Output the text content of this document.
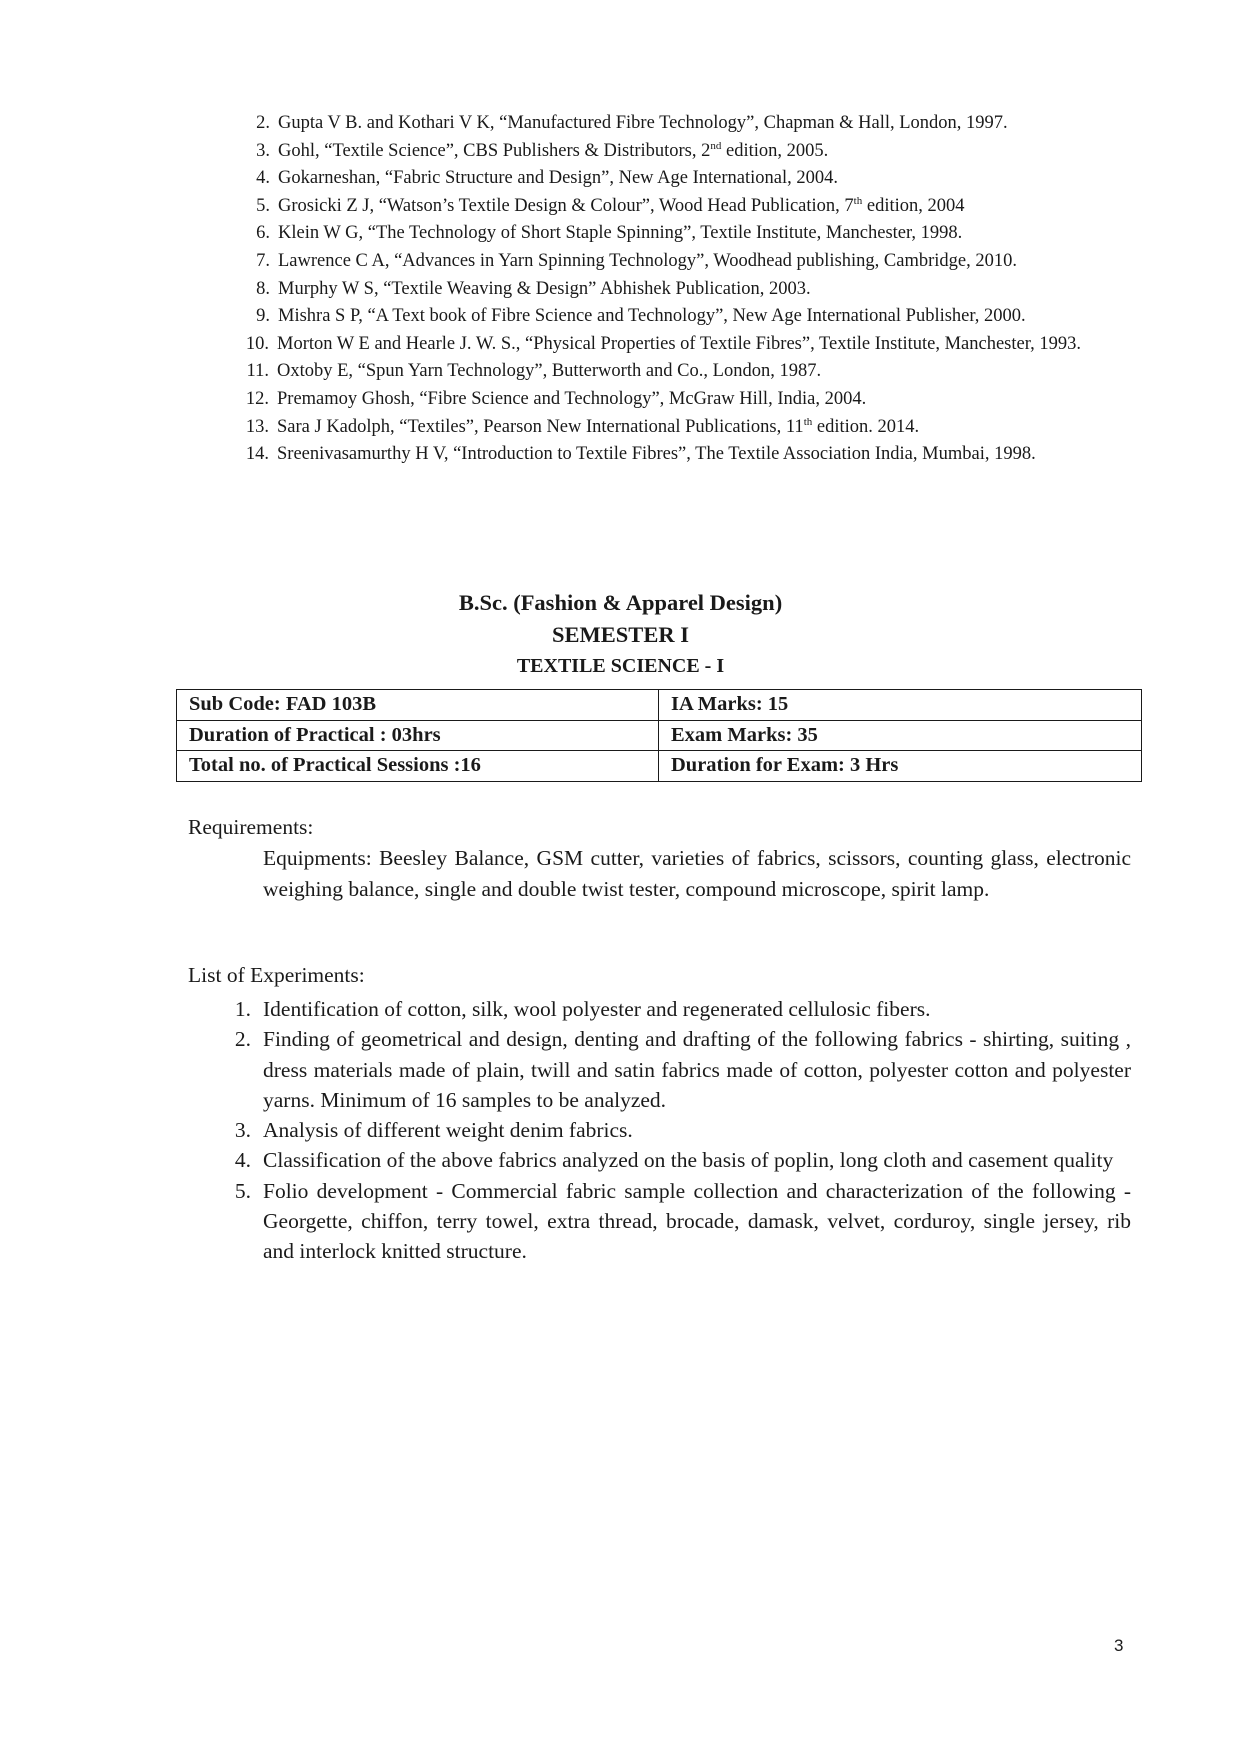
2. Gupta V B. and Kothari V K, “Manufactured Fibre Technology”, Chapman & Hall, London, 1997.
3. Gohl, “Textile Science”, CBS Publishers & Distributors, 2nd edition, 2005.
4. Gokarneshan, “Fabric Structure and Design”, New Age International, 2004.
5. Grosicki Z J, “Watson’s Textile Design & Colour”, Wood Head Publication, 7th edition, 2004
6. Klein W G, “The Technology of Short Staple Spinning”, Textile Institute, Manchester, 1998.
7. Lawrence C A, “Advances in Yarn Spinning Technology”, Woodhead publishing, Cambridge, 2010.
8. Murphy W S, “Textile Weaving & Design” Abhishek Publication, 2003.
9. Mishra S P, “A Text book of Fibre Science and Technology”, New Age International Publisher, 2000.
10. Morton W E and Hearle J. W. S., “Physical Properties of Textile Fibres”, Textile Institute, Manchester, 1993.
11. Oxtoby E, “Spun Yarn Technology”, Butterworth and Co., London, 1987.
12. Premamoy Ghosh, “Fibre Science and Technology”, McGraw Hill, India, 2004.
13. Sara J Kadolph, “Textiles”, Pearson New International Publications, 11th edition. 2014.
14. Sreenivasamurthy H V, “Introduction to Textile Fibres”, The Textile Association India, Mumbai, 1998.
B.Sc. (Fashion & Apparel Design)
SEMESTER I
TEXTILE SCIENCE - I
Sub Code: FAD 103B	IA Marks: 15
Duration of Practical : 03hrs	Exam Marks: 35
Total no. of Practical Sessions :16	Duration for Exam: 3 Hrs
Requirements:
Equipments: Beesley Balance, GSM cutter, varieties of fabrics, scissors, counting glass, electronic weighing balance, single and double twist tester, compound microscope, spirit lamp.
List of Experiments:
1. Identification of cotton, silk, wool polyester and regenerated cellulosic fibers.
2. Finding of geometrical and design, denting and drafting of the following fabrics - shirting, suiting , dress materials made of plain, twill and satin fabrics made of cotton, polyester cotton and polyester yarns. Minimum of 16 samples to be analyzed.
3. Analysis of different weight denim fabrics.
4. Classification of the above fabrics analyzed on the basis of poplin, long cloth and casement quality
5. Folio development - Commercial fabric sample collection and characterization of the following - Georgette, chiffon, terry towel, extra thread, brocade, damask, velvet, corduroy, single jersey, rib and interlock knitted structure.
3
